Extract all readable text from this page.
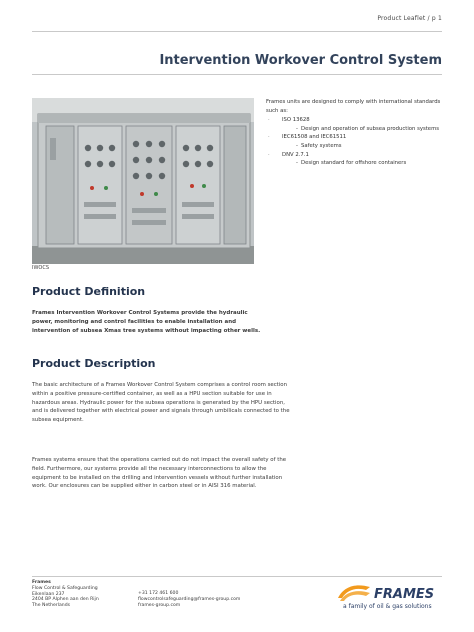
Product Leaflet / p 1
Intervention Workover Control System
IWOCS
Frames units are designed to comply with international standards such as:
· ISO 13628
- Design and operation of subsea production systems
· IEC61508 and IEC61511
- Safety systems
· DNV 2.7.1
- Design standard for offshore containers
Product Definition
Frames Intervention Workover Control Systems provide the hydraulic power, monitoring and control facilities to enable installation and intervention of subsea Xmas tree systems without impacting other wells.
Product Description
The basic architecture of a Frames Workover Control System comprises a control room section within a positive pressure-certified container, as well as a HPU section suitable for use in hazardous areas. Hydraulic power for the subsea operations is generated by the HPU section, and is delivered together with electrical power and signals through umbilicals connected to the subsea equipment.
Frames systems ensure that the operations carried out do not impact the overall safety of the field. Furthermore, our systems provide all the necessary interconnections to allow the equipment to be installed on the drilling and intervention vessels without further installation work. Our enclosures can be supplied either in carbon steel or in AISI 316 material.
Frames
Flow Control & Safeguarding
Eikenlaan 237
2404 BP Alphen aan den Rijn
The Netherlands
+31 172 461 600
flowcontrolsafeguarding@frames-group.com
frames-group.com
FRAMES
a family of oil & gas solutions
